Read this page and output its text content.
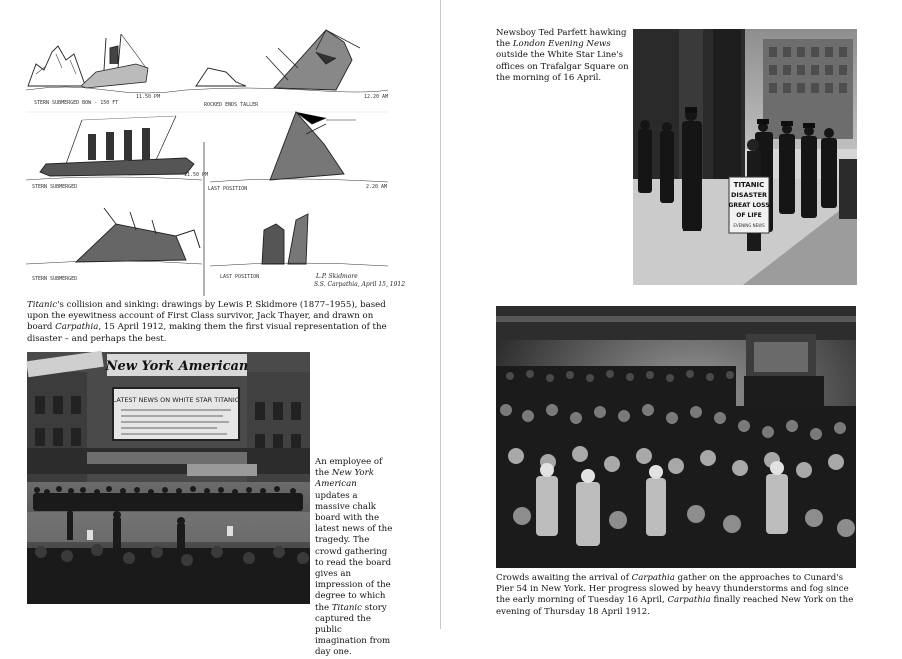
STERN SUBMERGED BOW - 150 FT
11.50 PM
ROCKED ENDS TALLER
12.20 AM
STERN SUBMERGED
11.50 PM
LAST POSITION	2.20 AM
STERN SUBMERGED	LAST POSITION
S.S. Carpathia, April 15, 1912
L.P. Skidmore

Titanic's collision and sinking: drawings by Lewis P. Skidmore (1877–1955), based upon the eyewitness account of First Class survivor, Jack Thayer, and drawn on board Carpathia, 15 April 1912, making them the first visual representation of the disaster – and perhaps the best.

New York American
LATEST NEWS ON WHITE STAR TITANIC

An employee of the New York American updates a massive chalk board with the latest news of the tragedy. The crowd gathering to read the board gives an impression of the degree to which the Titanic story captured the public imagination from day one.

Newsboy Ted Parfett hawking the London Evening News outside the White Star Line's offices on Trafalgar Square on the morning of 16 April.

TITANIC
DISASTER
GREAT LOSS
OF LIFE
EVENING NEWS

Crowds awaiting the arrival of Carpathia gather on the approaches to Cunard's Pier 54 in New York. Her progress slowed by heavy thunderstorms and fog since the early morning of Tuesday 16 April, Carpathia finally reached New York on the evening of Thursday 18 April 1912.
